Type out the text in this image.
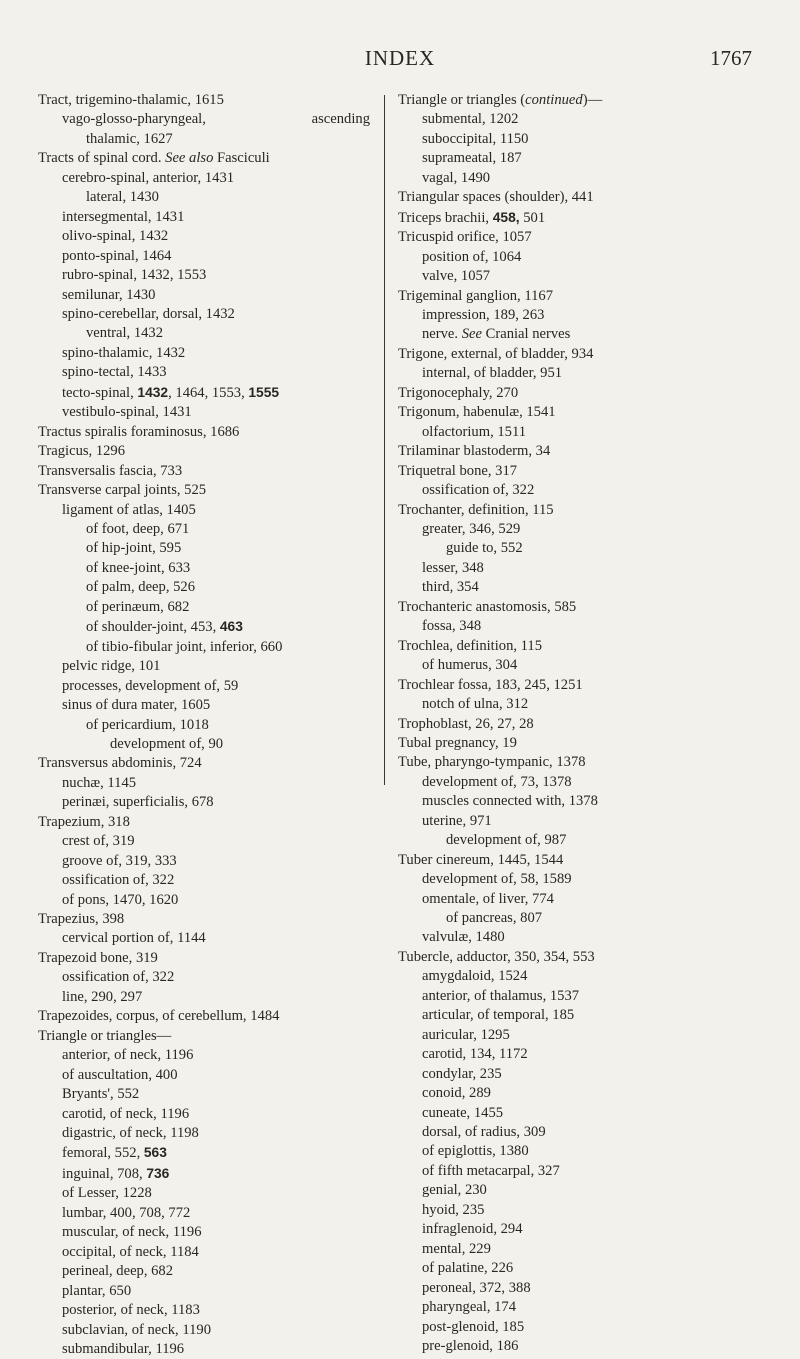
INDEX	1767
Tract, trigemino-thalamic, 1615
vago-glosso-pharyngeal,	ascending
thalamic, 1627
Tracts of spinal cord. See also Fasciculi
cerebro-spinal, anterior, 1431
lateral, 1430
intersegmental, 1431
olivo-spinal, 1432
ponto-spinal, 1464
rubro-spinal, 1432, 1553
semilunar, 1430
spino-cerebellar, dorsal, 1432
ventral, 1432
spino-thalamic, 1432
spino-tectal, 1433
tecto-spinal, 1432, 1464, 1553, 1555
vestibulo-spinal, 1431
Tractus spiralis foraminosus, 1686
Tragicus, 1296
Transversalis fascia, 733
Transverse carpal joints, 525
ligament of atlas, 1405
of foot, deep, 671
of hip-joint, 595
of knee-joint, 633
of palm, deep, 526
of perinæum, 682
of shoulder-joint, 453, 463
of tibio-fibular joint, inferior, 660
pelvic ridge, 101
processes, development of, 59
sinus of dura mater, 1605
of pericardium, 1018
development of, 90
Transversus abdominis, 724
nuchæ, 1145
perinæi, superficialis, 678
Trapezium, 318
crest of, 319
groove of, 319, 333
ossification of, 322
of pons, 1470, 1620
Trapezius, 398
cervical portion of, 1144
Trapezoid bone, 319
ossification of, 322
line, 290, 297
Trapezoides, corpus, of cerebellum, 1484
Triangle or triangles—
anterior, of neck, 1196
of auscultation, 400
Bryants', 552
carotid, of neck, 1196
digastric, of neck, 1198
femoral, 552, 563
inguinal, 708, 736
of Lesser, 1228
lumbar, 400, 708, 772
muscular, of neck, 1196
occipital, of neck, 1184
perineal, deep, 682
plantar, 650
posterior, of neck, 1183
subclavian, of neck, 1190
submandibular, 1196
Triangle or triangles (continued)—
submental, 1202
suboccipital, 1150
suprameatal, 187
vagal, 1490
Triangular spaces (shoulder), 441
Triceps brachii, 458, 501
Tricuspid orifice, 1057
position of, 1064
valve, 1057
Trigeminal ganglion, 1167
impression, 189, 263
nerve. See Cranial nerves
Trigone, external, of bladder, 934
internal, of bladder, 951
Trigonocephaly, 270
Trigonum, habenulæ, 1541
olfactorium, 1511
Trilaminar blastoderm, 34
Triquetral bone, 317
ossification of, 322
Trochanter, definition, 115
greater, 346, 529
guide to, 552
lesser, 348
third, 354
Trochanteric anastomosis, 585
fossa, 348
Trochlea, definition, 115
of humerus, 304
Trochlear fossa, 183, 245, 1251
notch of ulna, 312
Trophoblast, 26, 27, 28
Tubal pregnancy, 19
Tube, pharyngo-tympanic, 1378
development of, 73, 1378
muscles connected with, 1378
uterine, 971
development of, 987
Tuber cinereum, 1445, 1544
development of, 58, 1589
omentale, of liver, 774
of pancreas, 807
valvulæ, 1480
Tubercle, adductor, 350, 354, 553
amygdaloid, 1524
anterior, of thalamus, 1537
articular, of temporal, 185
auricular, 1295
carotid, 134, 1172
condylar, 235
conoid, 289
cuneate, 1455
dorsal, of radius, 309
of epiglottis, 1380
of fifth metacarpal, 327
genial, 230
hyoid, 235
infraglenoid, 294
mental, 229
of palatine, 226
peroneal, 372, 388
pharyngeal, 174
post-glenoid, 185
pre-glenoid, 186
